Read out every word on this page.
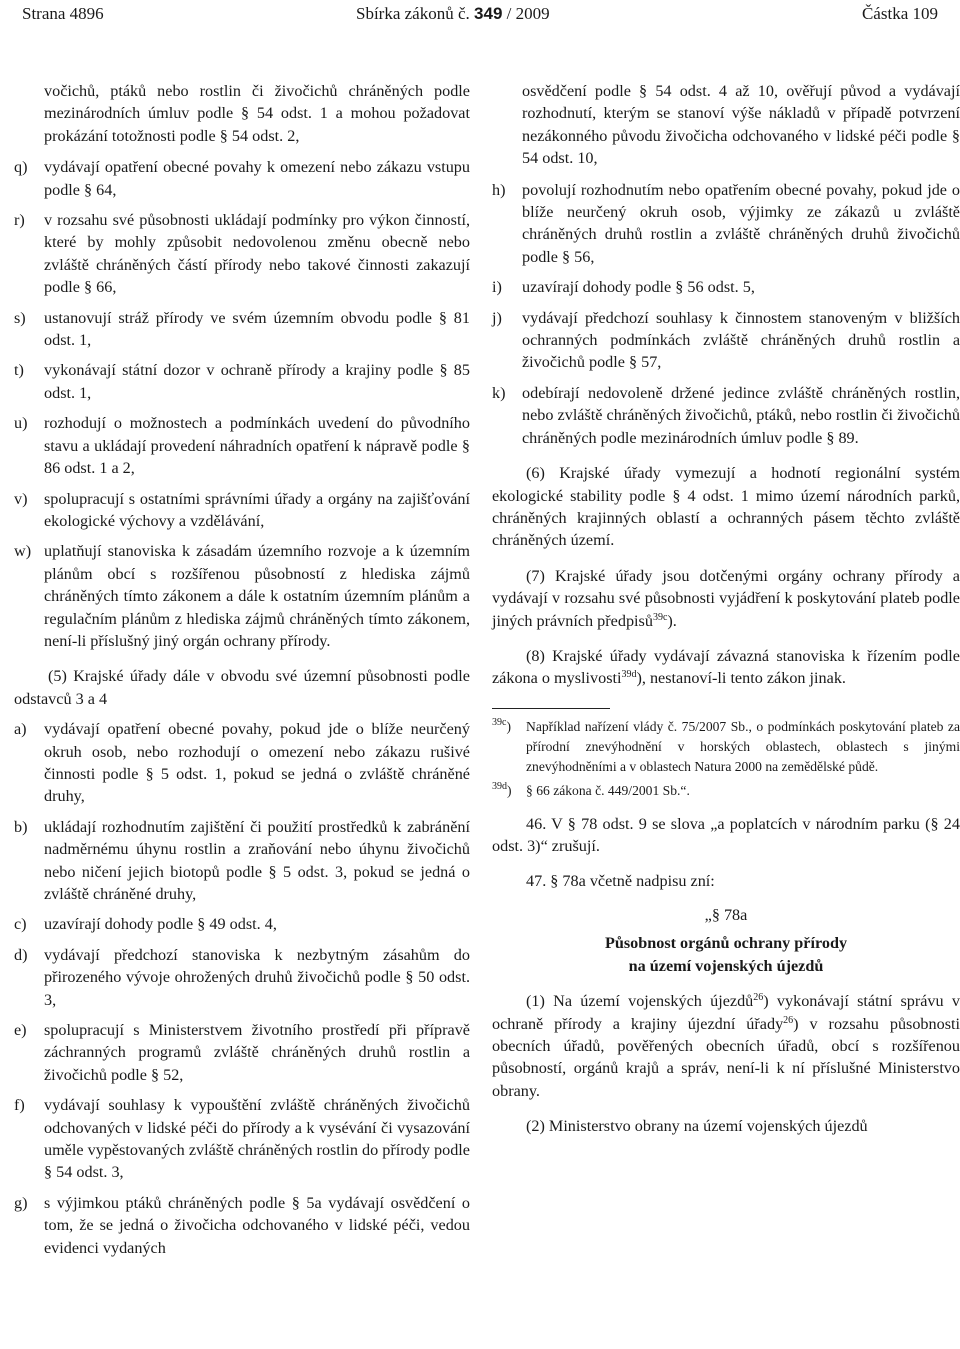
Strana 4896	Sbírka zákonů č. 349 / 2009	Částka 109
vočichů, ptáků nebo rostlin či živočichů chráněných podle mezinárodních úmluv podle § 54 odst. 1 a mohou požadovat prokázání totožnosti podle § 54 odst. 2,
q)	vydávají opatření obecné povahy k omezení nebo zákazu vstupu podle § 64,
r)	v rozsahu své působnosti ukládají podmínky pro výkon činností, které by mohly způsobit nedovolenou změnu obecně nebo zvláště chráněných částí přírody nebo takové činnosti zakazují podle § 66,
s)	ustanovují stráž přírody ve svém územním obvodu podle § 81 odst. 1,
t)	vykonávají státní dozor v ochraně přírody a krajiny podle § 85 odst. 1,
u)	rozhodují o možnostech a podmínkách uvedení do původního stavu a ukládají provedení náhradních opatření k nápravě podle § 86 odst. 1 a 2,
v)	spolupracují s ostatními správními úřady a orgány na zajišťování ekologické výchovy a vzdělávání,
w) uplatňují stanoviska k zásadám územního rozvoje a k územním plánům obcí s rozšířenou působností z hlediska zájmů chráněných tímto zákonem a dále k ostatním územním plánům a regulačním plánům z hlediska zájmů chráněných tímto zákonem, není-li příslušný jiný orgán ochrany přírody.
(5) Krajské úřady dále v obvodu své územní působnosti podle odstavců 3 a 4
a)	vydávají opatření obecné povahy, pokud jde o blíže neurčený okruh osob, nebo rozhodují o omezení nebo zákazu rušivé činnosti podle § 5 odst. 1, pokud se jedná o zvláště chráněné druhy,
b)	ukládají rozhodnutím zajištění či použití prostředků k zabránění nadměrnému úhynu rostlin a zraňování nebo úhynu živočichů nebo ničení jejich biotopů podle § 5 odst. 3, pokud se jedná o zvláště chráněné druhy,
c)	uzavírají dohody podle § 49 odst. 4,
d)	vydávají předchozí stanoviska k nezbytným zásahům do přirozeného vývoje ohrožených druhů živočichů podle § 50 odst. 3,
e)	spolupracují s Ministerstvem životního prostředí při přípravě záchranných programů zvláště chráněných druhů rostlin a živočichů podle § 52,
f)	vydávají souhlasy k vypouštění zvláště chráněných živočichů odchovaných v lidské péči do přírody a k vysévání či vysazování uměle vypěstovaných zvláště chráněných rostlin do přírody podle § 54 odst. 3,
g)	s výjimkou ptáků chráněných podle § 5a vydávají osvědčení o tom, že se jedná o živočicha odchovaného v lidské péči, vedou evidenci vydaných
osvědčení podle § 54 odst. 4 až 10, ověřují původ a vydávají rozhodnutí, kterým se stanoví výše nákladů v případě potvrzení nezákonného původu živočicha odchovaného v lidské péči podle § 54 odst. 10,
h)	povolují rozhodnutím nebo opatřením obecné povahy, pokud jde o blíže neurčený okruh osob, výjimky ze zákazů u zvláště chráněných druhů rostlin a zvláště chráněných druhů živočichů podle § 56,
i)	uzavírají dohody podle § 56 odst. 5,
j)	vydávají předchozí souhlasy k činnostem stanoveným v bližších ochranných podmínkách zvláště chráněných druhů rostlin a živočichů podle § 57,
k)	odebírají nedovoleně držené jedince zvláště chráněných rostlin, nebo zvláště chráněných živočichů, ptáků, nebo rostlin či živočichů chráněných podle mezinárodních úmluv podle § 89.
(6) Krajské úřady vymezují a hodnotí regionální systém ekologické stability podle § 4 odst. 1 mimo území národních parků, chráněných krajinných oblastí a ochranných pásem těchto zvláště chráněných území.
(7) Krajské úřady jsou dotčenými orgány ochrany přírody a vydávají v rozsahu své působnosti vyjádření k poskytování plateb podle jiných právních předpisů$^{39c}$).
(8) Krajské úřady vydávají závazná stanoviska k řízením podle zákona o myslivosti$^{39d}$), nestanoví-li tento zákon jinak.
$^{39c}$)	Například nařízení vlády č. 75/2007 Sb., o podmínkách poskytování plateb za přírodní znevýhodnění v horských oblastech, oblastech s jinými znevýhodněními a v oblastech Natura 2000 na zemědělské půdě.
$^{39d}$)	§ 66 zákona č. 449/2001 Sb.“.
46. V § 78 odst. 9 se slova „a poplatcích v národním parku (§ 24 odst. 3)“ zrušují.
47. § 78a včetně nadpisu zní:
„§ 78a
Působnost orgánů ochrany přírody
na území vojenských újezdů
(1) Na území vojenských újezdů$^{26}$) vykonávají státní správu v ochraně přírody a krajiny újezdní úřady$^{26}$) v rozsahu působnosti obecních úřadů, pověřených obecních úřadů, obcí s rozšířenou působností, orgánů krajů a správ, není-li k ní příslušné Ministerstvo obrany.
(2) Ministerstvo obrany na území vojenských újezdů
